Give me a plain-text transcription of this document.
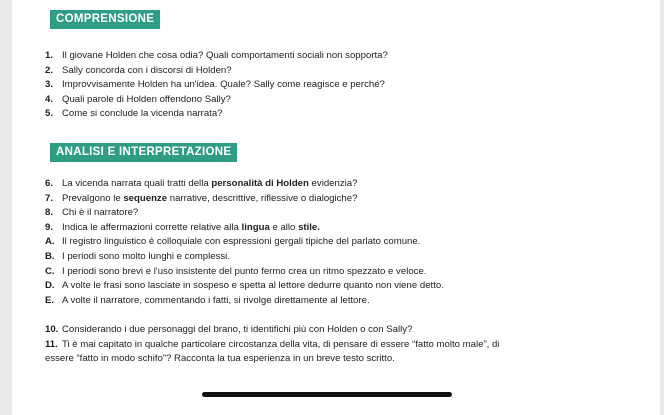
COMPRENSIONE
1. Il giovane Holden che cosa odia? Quali comportamenti sociali non sopporta?
2. Sally concorda con i discorsi di Holden?
3. Improvvisamente Holden ha un'idea. Quale? Sally come reagisce e perché?
4. Quali parole di Holden offendono Sally?
5. Come si conclude la vicenda narrata?
ANALISI E INTERPRETAZIONE
6. La vicenda narrata quali tratti della personalità di Holden evidenzia?
7. Prevalgono le sequenze narrative, descrittive, riflessive o dialogiche?
8. Chi è il narratore?
9. Indica le affermazioni corrette relative alla lingua e allo stile.
A. Il registro linguistico è colloquiale con espressioni gergali tipiche del parlato comune.
B. I periodi sono molto lunghi e complessi.
C. I periodi sono brevi e l'uso insistente del punto fermo crea un ritmo spezzato e veloce.
D. A volte le frasi sono lasciate in sospeso e spetta al lettore dedurre quanto non viene detto.
E. A volte il narratore, commentando i fatti, si rivolge direttamente al lettore.
10. Considerando i due personaggi del brano, ti identifichi più con Holden o con Sally?
11. Ti è mai capitato in qualche particolare circostanza della vita, di pensare di essere “fatto molto male”, di
essere “fatto in modo schifo”? Racconta la tua esperienza in un breve testo scritto.
